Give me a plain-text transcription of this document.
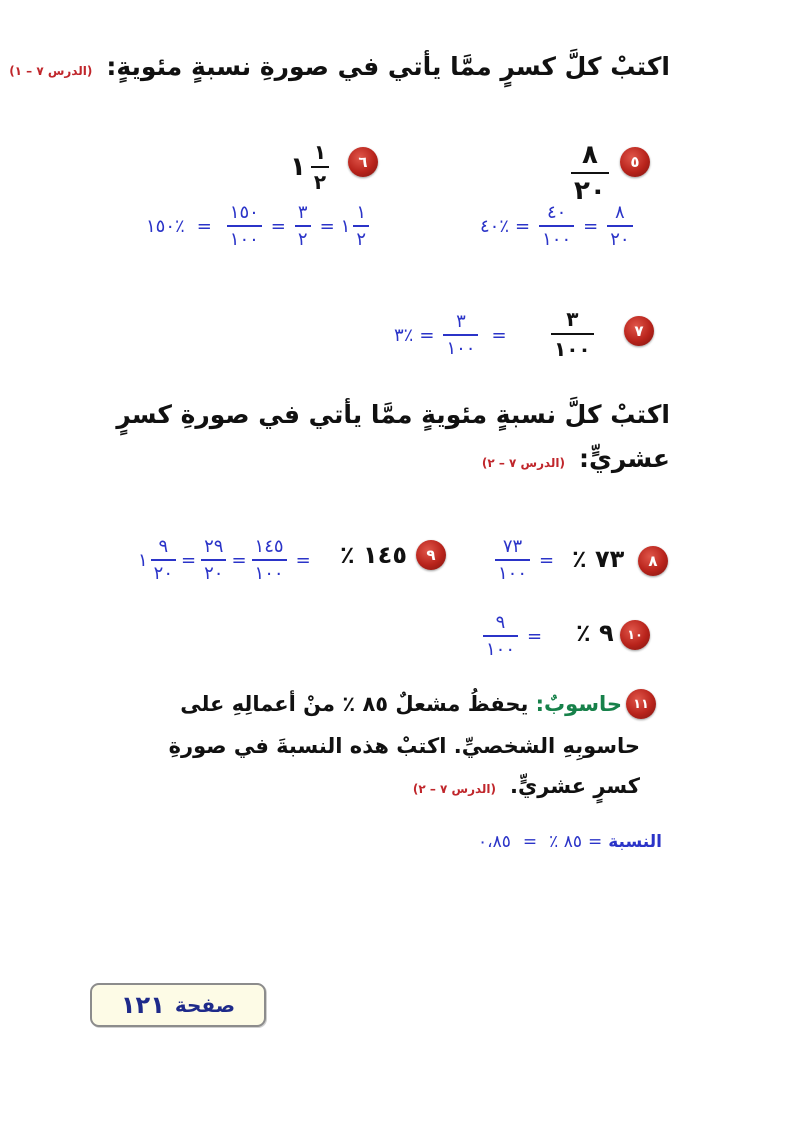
اكتبْ كلَّ كسرٍ ممَّا يأتي في صورةِ نسبةٍ مئويةٍ:
(الدرس ٧ – ١)
٥
$\frac{٨}{٢٠}$
٤٠٪ = $\frac{٤٠}{١٠٠} = \frac{٨}{٢٠}$
٦
١ $\frac{١}{٢}$
١٥٠٪ = $\frac{١٥٠}{١٠٠} = \frac{٣}{٢}$ = ١ $\frac{١}{٢}$
٧
$\frac{٣}{١٠٠}$
٣٪ = $\frac{٣}{١٠٠}$ =
اكتبْ كلَّ نسبةٍ مئويةٍ ممَّا يأتي في صورةِ كسرٍ
عشريٍّ:
(الدرس ٧ – ٢)
٨
٧٣ ٪
$\frac{٧٣}{١٠٠}$ =
٩
١٤٥ ٪
١ $\frac{٩}{٢٠} = \frac{٢٩}{٢٠} = \frac{١٤٥}{١٠٠}$ =
١٠
٩ ٪
$\frac{٩}{١٠٠}$ =
١١
حاسوبٌ: يحفظُ مشعلٌ ٨٥ ٪ منْ أعمالِهِ على
حاسوبِهِ الشخصيِّ. اكتبْ هذه النسبةَ في صورةِ
كسرٍ عشريٍّ.
(الدرس ٧ – ٢)
٠،٨٥ = ٨٥ ٪ = النسبة
صفحة
١٢١
